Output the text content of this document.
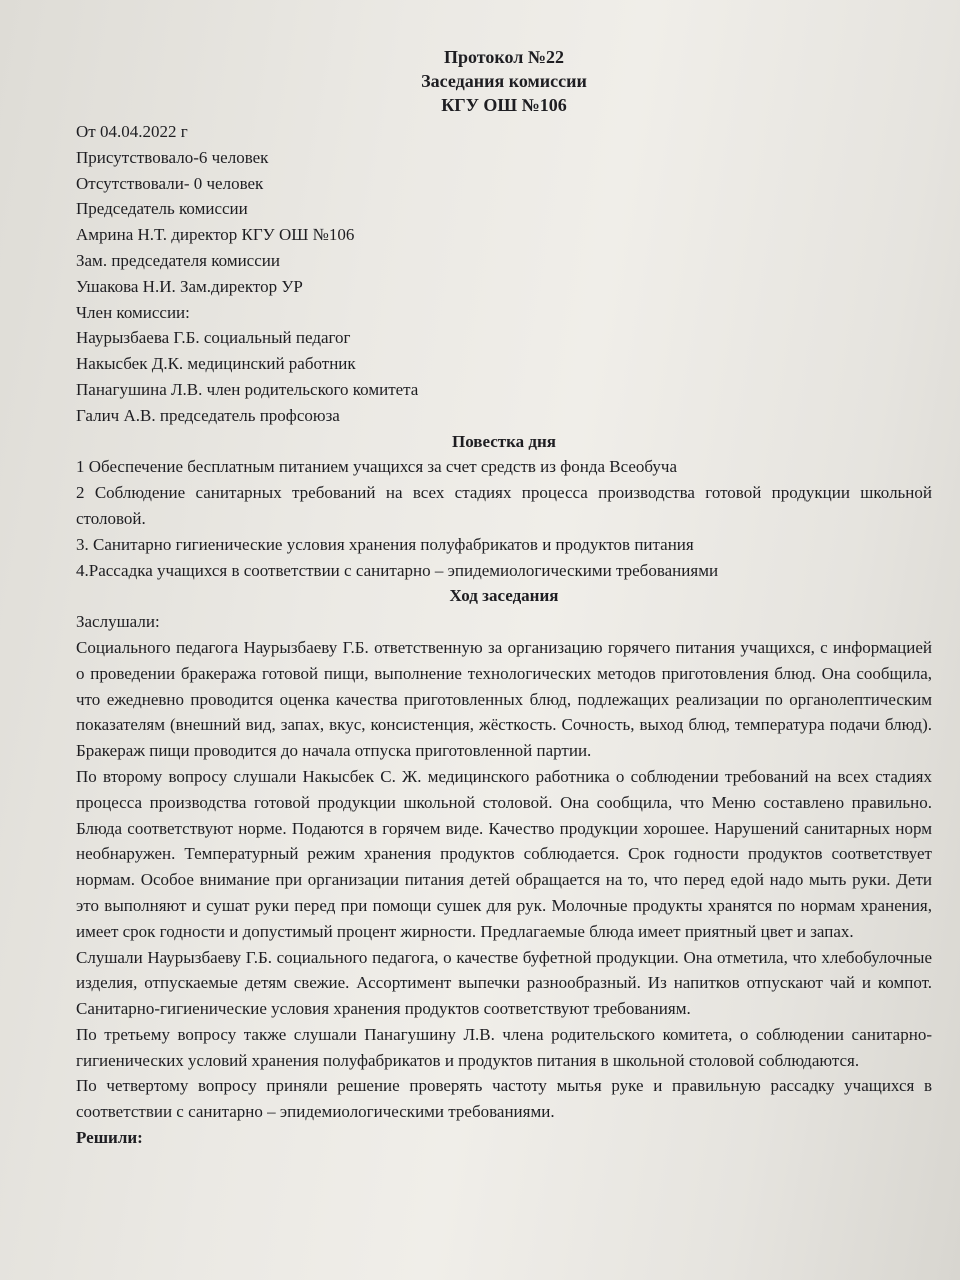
Протокол №22
Заседания комиссии
КГУ ОШ №106
От 04.04.2022 г
Присутствовало-6 человек
Отсутствовали- 0 человек
Председатель комиссии
Амрина Н.Т. директор КГУ ОШ №106
Зам. председателя комиссии
Ушакова Н.И. Зам.директор УР
Член комиссии:
Наурызбаева Г.Б. социальный педагог
Накысбек Д.К. медицинский работник
Панагушина Л.В. член родительского комитета
Галич А.В. председатель профсоюза
Повестка дня
1 Обеспечение бесплатным питанием учащихся за счет средств из фонда Всеобуча
2 Соблюдение санитарных требований на всех стадиях процесса производства готовой продукции школьной столовой.
3. Санитарно гигиенические условия хранения полуфабрикатов и продуктов питания
4.Рассадка учащихся в соответствии с санитарно – эпидемиологическими требованиями
Ход заседания
Заслушали:
Социального педагога Наурызбаеву Г.Б. ответственную за организацию горячего питания учащихся, с информацией о проведении бракеража готовой пищи, выполнение технологических методов приготовления блюд. Она сообщила, что ежедневно проводится оценка качества приготовленных блюд, подлежащих реализации по органолептическим показателям (внешний вид, запах, вкус, консистенция, жёсткость. Сочность, выход блюд, температура подачи блюд). Бракераж пищи проводится до начала отпуска приготовленной партии.
По второму вопросу слушали Накысбек С. Ж. медицинского работника о соблюдении требований на всех стадиях процесса производства готовой продукции школьной столовой. Она сообщила, что Меню составлено правильно. Блюда соответствуют норме. Подаются в горячем виде. Качество продукции хорошее. Нарушений санитарных норм необнаружен. Температурный режим хранения продуктов соблюдается. Срок годности продуктов соответствует нормам. Особое внимание при организации питания детей обращается на то, что перед едой надо мыть руки. Дети это выполняют и сушат руки перед при помощи сушек для рук. Молочные продукты хранятся по нормам хранения, имеет срок годности и допустимый процент жирности. Предлагаемые блюда имеет приятный цвет и запах.
Слушали Наурызбаеву Г.Б. социального педагога, о качестве буфетной продукции. Она отметила, что хлебобулочные изделия, отпускаемые детям свежие. Ассортимент выпечки разнообразный. Из напитков отпускают чай и компот. Санитарно-гигиенические условия хранения продуктов соответствуют требованиям.
По третьему вопросу также слушали Панагушину Л.В. члена родительского комитета, о соблюдении санитарно-гигиенических условий хранения полуфабрикатов и продуктов питания в школьной столовой соблюдаются.
По четвертому вопросу приняли решение проверять частоту мытья руке и правильную рассадку учащихся в соответствии с санитарно – эпидемиологическими требованиями.
Решили:
